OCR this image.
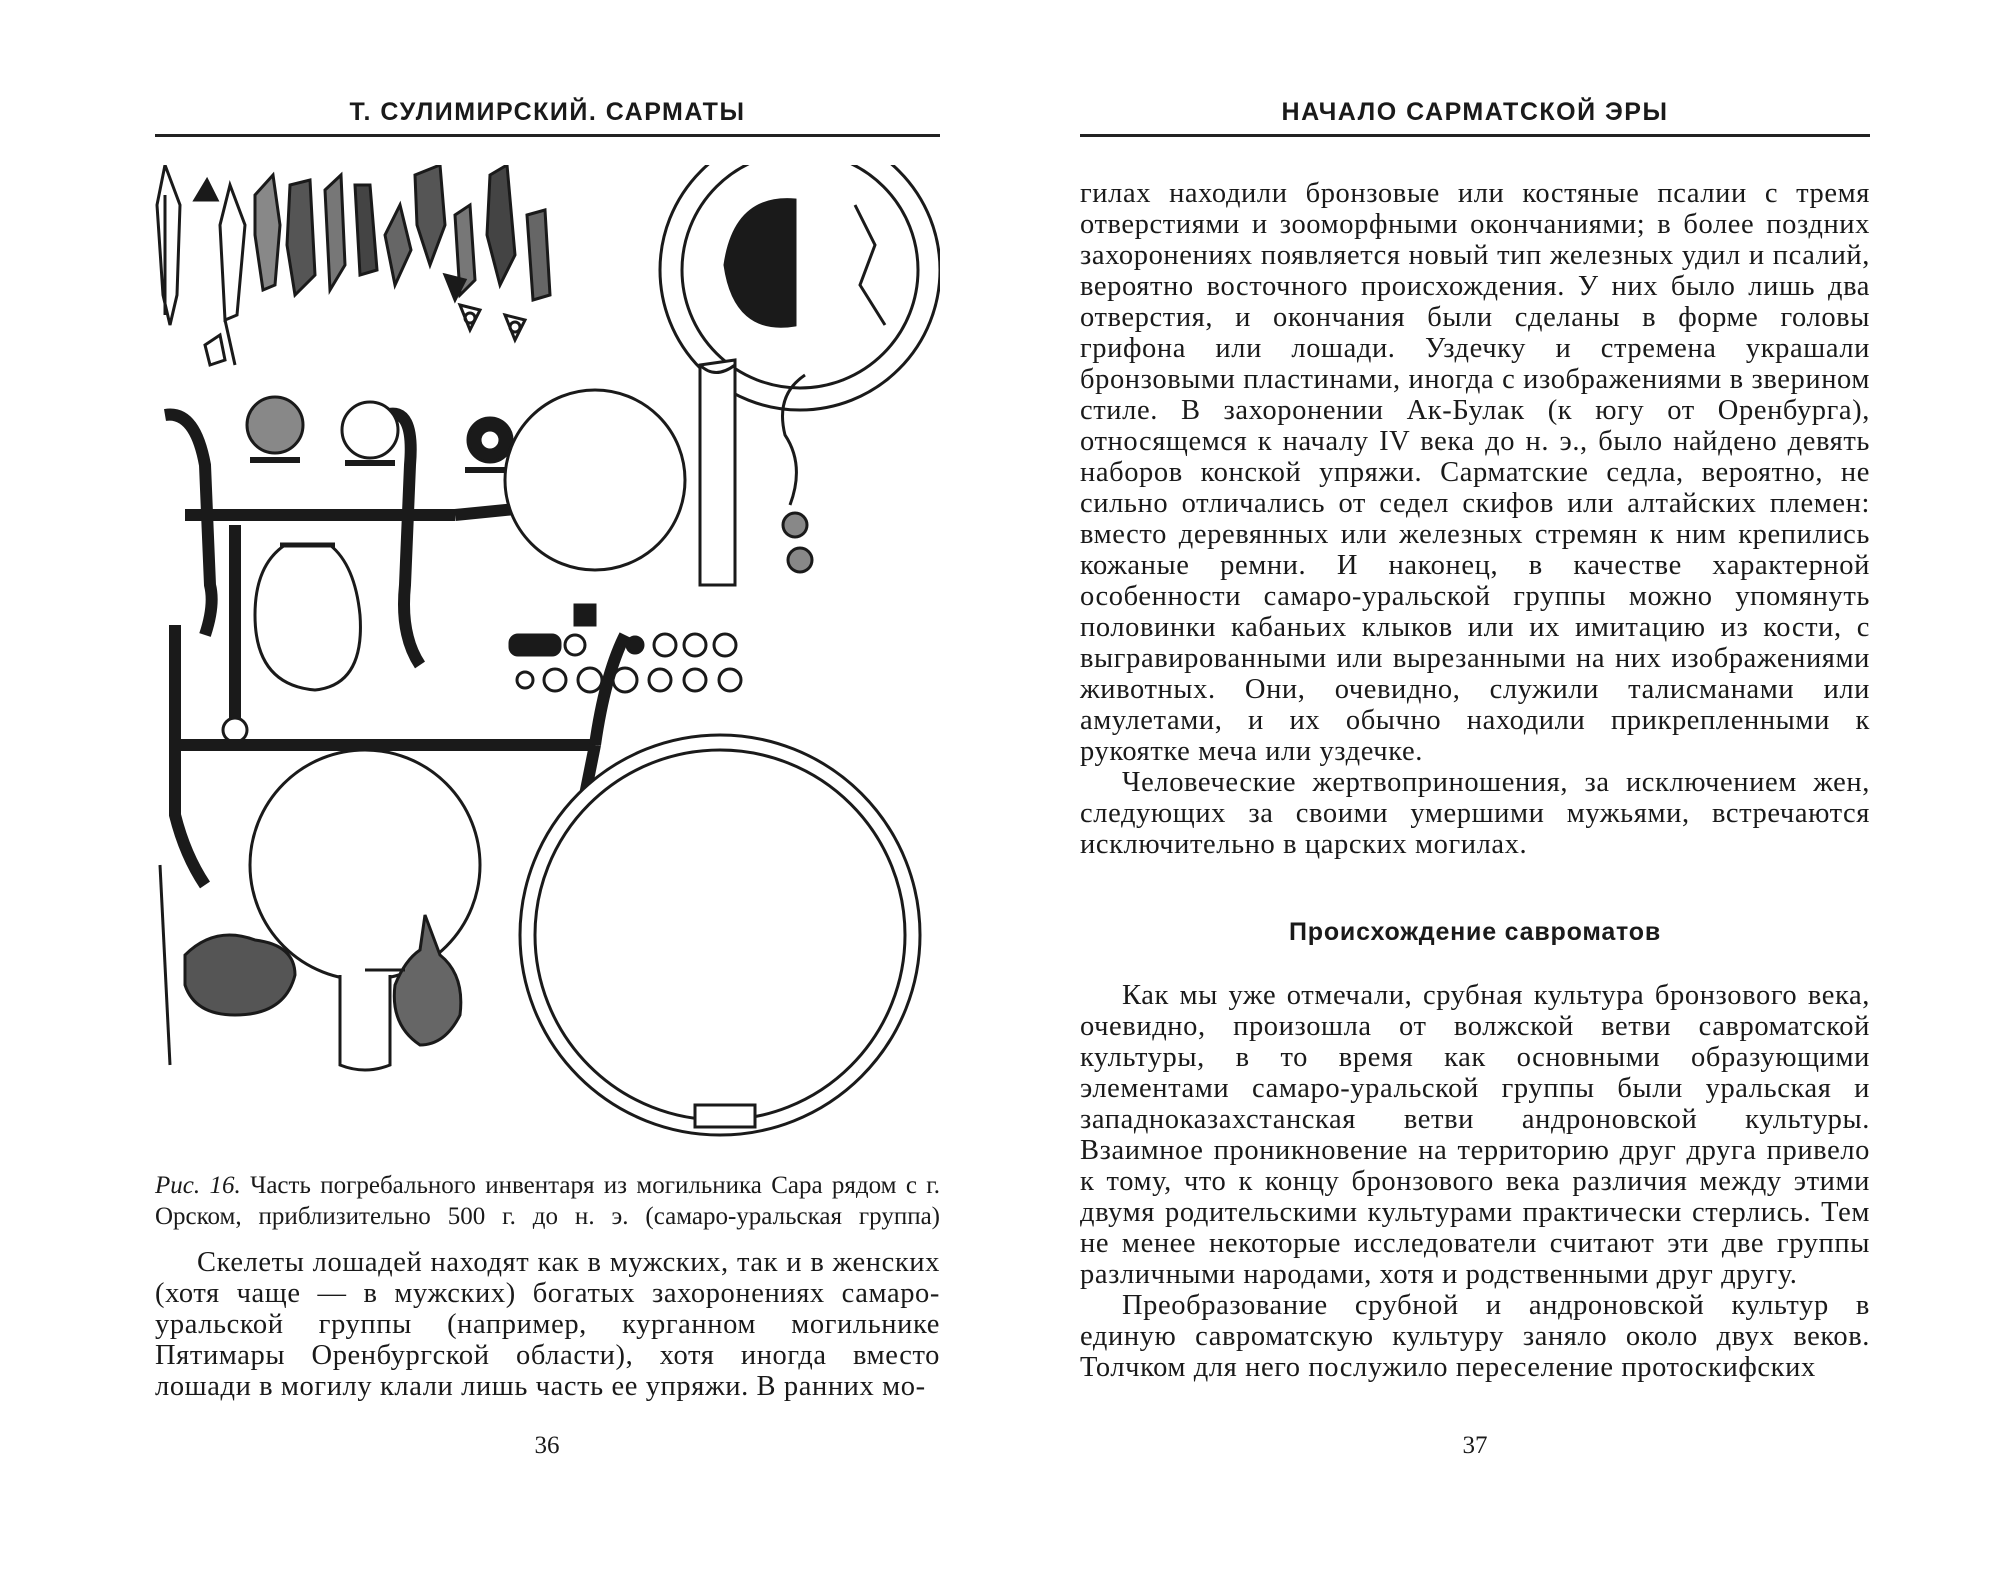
Т. СУЛИМИРСКИЙ. САРМАТЫ
Рис. 16. Часть погребального инвентаря из могильника Сара рядом с г. Орском, приблизительно 500 г. до н. э. (самаро-уральская группа)

Скелеты лошадей находят как в мужских, так и в женских (хотя чаще — в мужских) богатых захоронениях самаро-уральской группы (например, курганном могильнике Пятимары Оренбургской области), хотя иногда вместо лошади в могилу клали лишь часть ее упряжи. В ранних мо-

36
НАЧАЛО САРМАТСКОЙ ЭРЫ

гилах находили бронзовые или костяные псалии с тремя отверстиями и зооморфными окончаниями; в более поздних захоронениях появляется новый тип железных удил и псалий, вероятно восточного происхождения. У них было лишь два отверстия, и окончания были сделаны в форме головы грифона или лошади. Уздечку и стремена украшали бронзовыми пластинами, иногда с изображениями в зверином стиле. В захоронении Ак-Булак (к югу от Оренбурга), относящемся к началу IV века до н. э., было найдено девять наборов конской упряжи. Сарматские седла, вероятно, не сильно отличались от седел скифов или алтайских племен: вместо деревянных или железных стремян к ним крепились кожаные ремни. И наконец, в качестве характерной особенности самаро-уральской группы можно упомянуть половинки кабаньих клыков или их имитацию из кости, с выгравированными или вырезанными на них изображениями животных. Они, очевидно, служили талисманами или амулетами, и их обычно находили прикрепленными к рукоятке меча или уздечке.

Человеческие жертвоприношения, за исключением жен, следующих за своими умершими мужьями, встречаются исключительно в царских могилах.

Происхождение савроматов

Как мы уже отмечали, срубная культура бронзового века, очевидно, произошла от волжской ветви савроматской культуры, в то время как основными образующими элементами самаро-уральской группы были уральская и западноказахстанская ветви андроновской культуры. Взаимное проникновение на территорию друг друга привело к тому, что к концу бронзового века различия между этими двумя родительскими культурами практически стерлись. Тем не менее некоторые исследователи считают эти две группы различными народами, хотя и родственными друг другу.

Преобразование срубной и андроновской культур в единую савроматскую культуру заняло около двух веков. Толчком для него послужило переселение протоскифских

37
